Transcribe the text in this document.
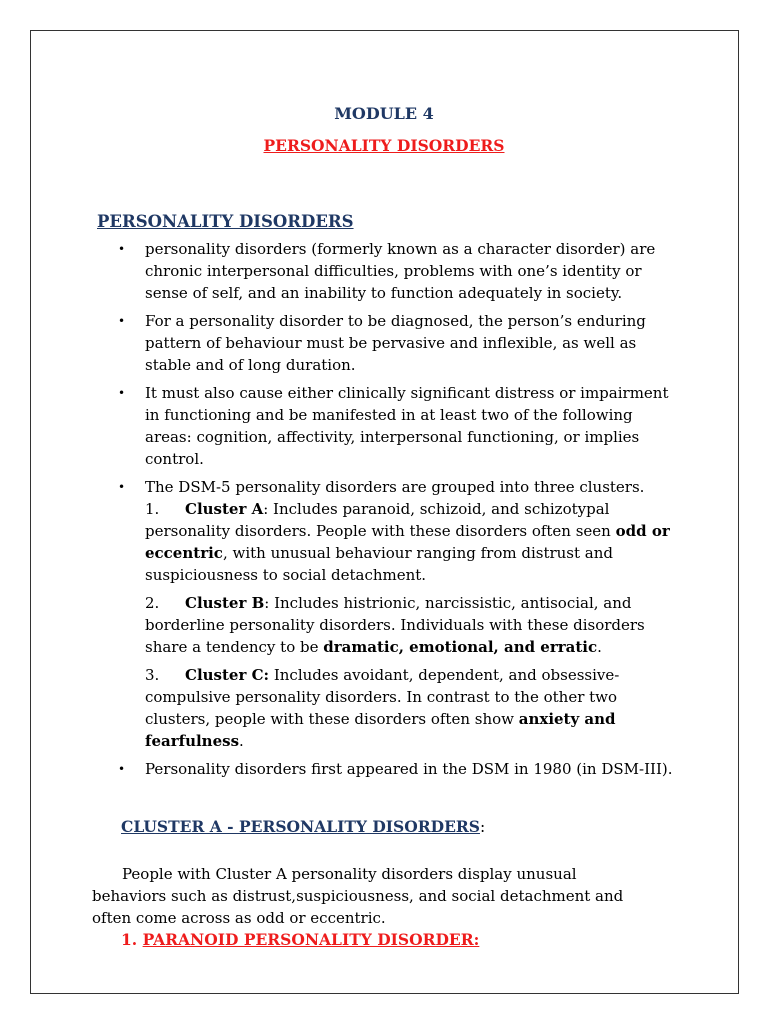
MODULE 4
PERSONALITY DISORDERS
PERSONALITY DISORDERS
• personality disorders (formerly known as a character disorder) are chronic interpersonal difficulties, problems with one’s identity or sense of self, and an inability to function adequately in society.
• For a personality disorder to be diagnosed, the person’s enduring pattern of behaviour must be pervasive and inflexible, as well as stable and of long duration.
• It must also cause either clinically significant distress or impairment in functioning and be manifested in at least two of the following areas: cognition, affectivity, interpersonal functioning, or implies control.
• The DSM-5 personality disorders are grouped into three clusters.
1. Cluster A: Includes paranoid, schizoid, and schizotypal personality disorders. People with these disorders often seen odd or eccentric, with unusual behaviour ranging from distrust and suspiciousness to social detachment.
2. Cluster B: Includes histrionic, narcissistic, antisocial, and borderline personality disorders. Individuals with these disorders share a tendency to be dramatic, emotional, and erratic.
3. Cluster C: Includes avoidant, dependent, and obsessive-compulsive personality disorders. In contrast to the other two clusters, people with these disorders often show anxiety and fearfulness.
• Personality disorders first appeared in the DSM in 1980 (in DSM-III).
CLUSTER A - PERSONALITY DISORDERS:

People with Cluster A personality disorders display unusual behaviors such as distrust,suspiciousness, and social detachment and often come across as odd or eccentric.

1. PARANOID PERSONALITY DISORDER:
